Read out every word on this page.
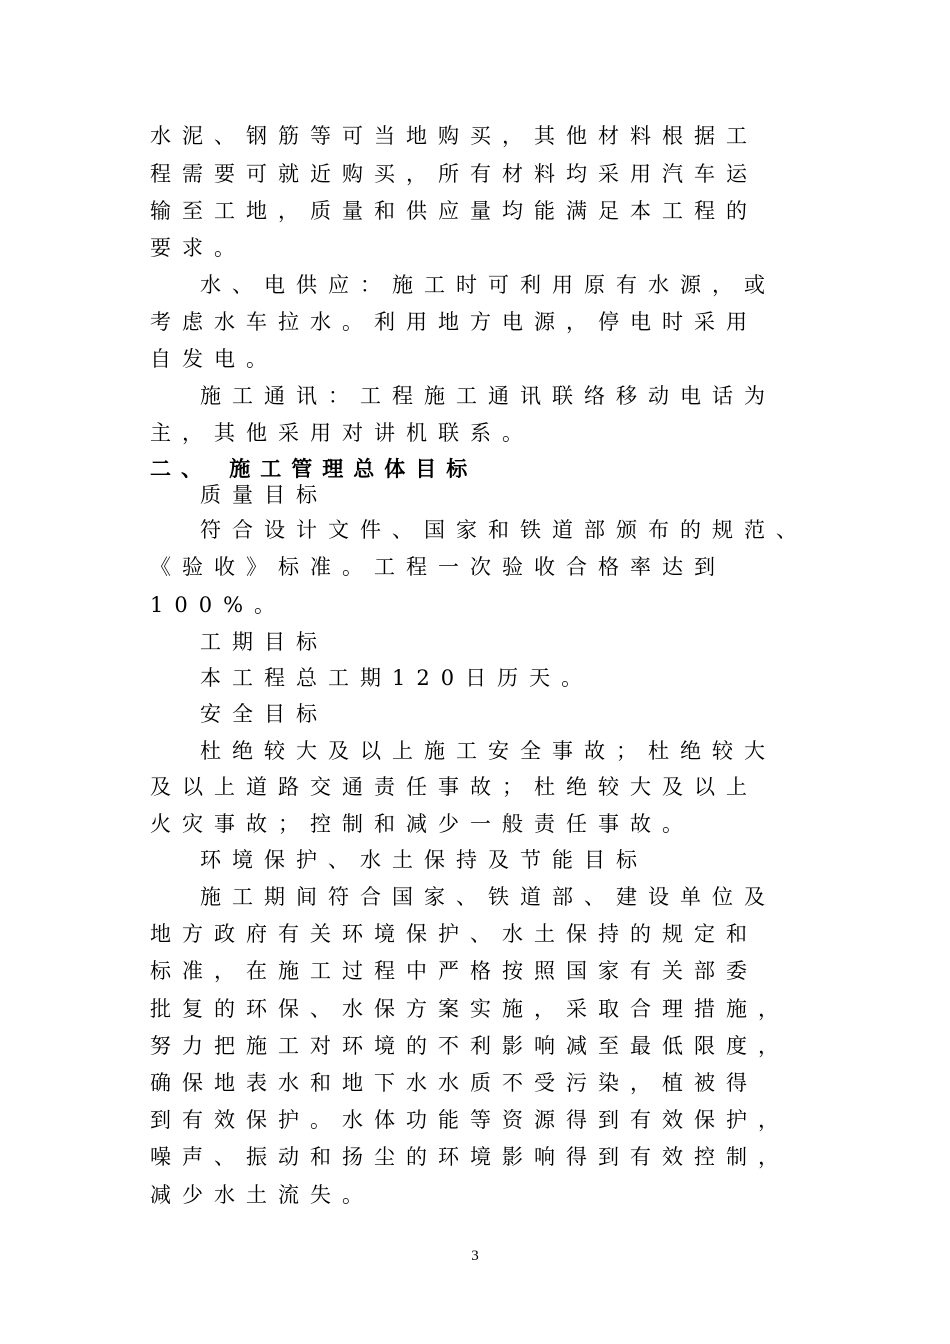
水泥、钢筋等可当地购买，其他材料根据工
程需要可就近购买，所有材料均采用汽车运
输至工地，质量和供应量均能满足本工程的
要求。
水、电供应：施工时可利用原有水源，或
考虑水车拉水。利用地方电源，停电时采用
自发电。
施工通讯：工程施工通讯联络移动电话为
主，其他采用对讲机联系。
二、 施工管理总体目标
质量目标
符合设计文件、国家和铁道部颁布的规范、
《验收》标准。工程一次验收合格率达到
100%。
工期目标
本工程总工期120日历天。
安全目标
杜绝较大及以上施工安全事故；杜绝较大
及以上道路交通责任事故；杜绝较大及以上
火灾事故；控制和减少一般责任事故。
环境保护、水土保持及节能目标
施工期间符合国家、铁道部、建设单位及
地方政府有关环境保护、水土保持的规定和
标准，在施工过程中严格按照国家有关部委
批复的环保、水保方案实施，采取合理措施，
努力把施工对环境的不利影响减至最低限度，
确保地表水和地下水水质不受污染，植被得
到有效保护。水体功能等资源得到有效保护，
噪声、振动和扬尘的环境影响得到有效控制，
减少水土流失。
3
